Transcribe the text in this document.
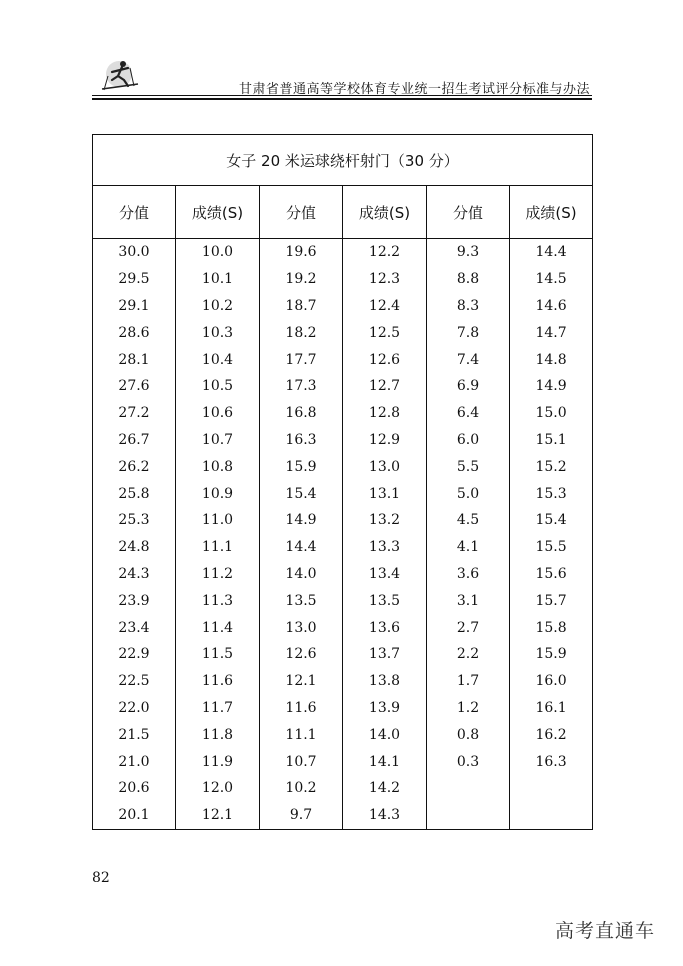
甘肃省普通高等学校体育专业统一招生考试评分标准与办法
女子 20 米运球绕杆射门（30 分）					
分值	成绩(S)	分值	成绩(S)	分值	成绩(S)
30.0	10.0	19.6	12.2	9.3	14.4
29.5	10.1	19.2	12.3	8.8	14.5
29.1	10.2	18.7	12.4	8.3	14.6
28.6	10.3	18.2	12.5	7.8	14.7
28.1	10.4	17.7	12.6	7.4	14.8
27.6	10.5	17.3	12.7	6.9	14.9
27.2	10.6	16.8	12.8	6.4	15.0
26.7	10.7	16.3	12.9	6.0	15.1
26.2	10.8	15.9	13.0	5.5	15.2
25.8	10.9	15.4	13.1	5.0	15.3
25.3	11.0	14.9	13.2	4.5	15.4
24.8	11.1	14.4	13.3	4.1	15.5
24.3	11.2	14.0	13.4	3.6	15.6
23.9	11.3	13.5	13.5	3.1	15.7
23.4	11.4	13.0	13.6	2.7	15.8
22.9	11.5	12.6	13.7	2.2	15.9
22.5	11.6	12.1	13.8	1.7	16.0
22.0	11.7	11.6	13.9	1.2	16.1
21.5	11.8	11.1	14.0	0.8	16.2
21.0	11.9	10.7	14.1	0.3	16.3
20.6	12.0	10.2	14.2		
20.1	12.1	9.7	14.3		
82
高考直通车
